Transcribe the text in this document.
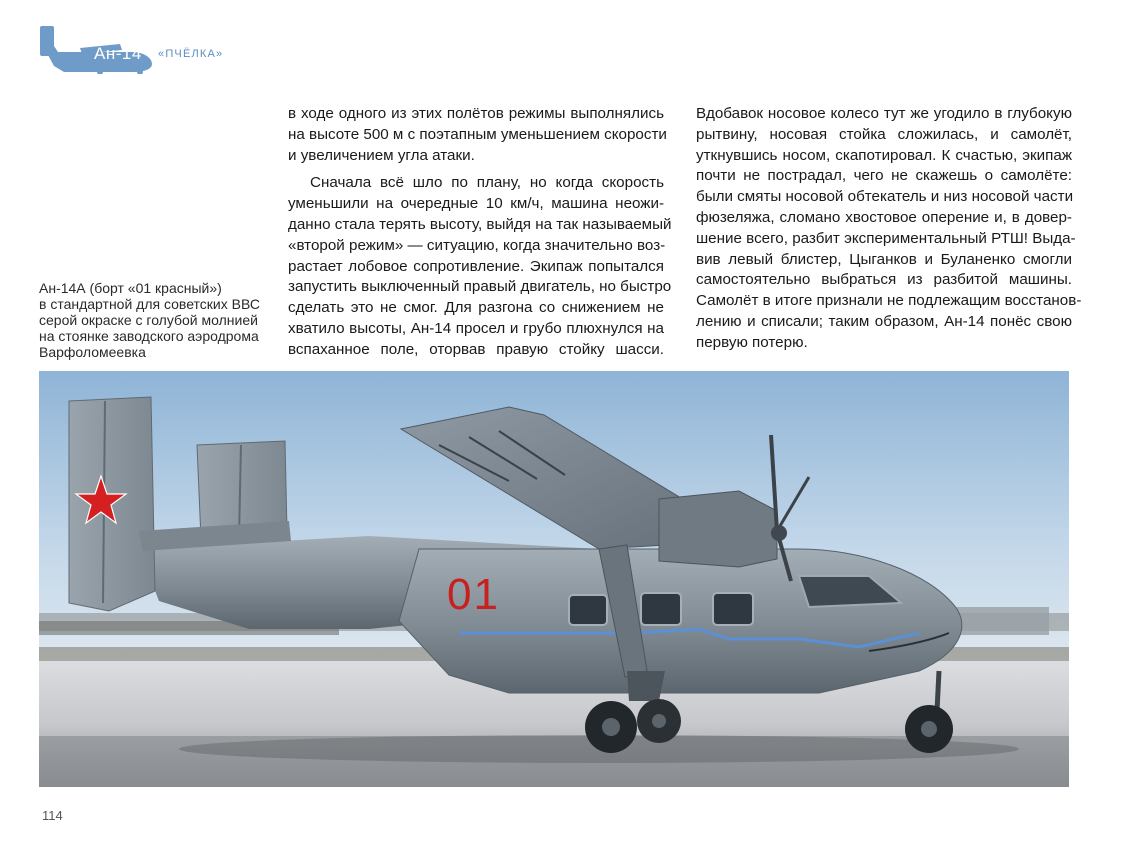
Ан-14 «ПЧЁЛКА»
Ан-14А (борт «01 красный»)
в стандартной для советских ВВС
серой окраске с голубой молнией
на стоянке заводского аэродрома
Варфоломеевка
в ходе одного из этих полётов режимы выполнялись
на высоте 500 м с поэтапным уменьшением скорости
и увеличением угла атаки.
Сначала всё шло по плану, но когда скорость
уменьшили на очередные 10 км/ч, машина неожи-
данно стала терять высоту, выйдя на так называемый
«второй режим» — ситуацию, когда значительно воз-
растает лобовое сопротивление. Экипаж попытался
запустить выключенный правый двигатель, но быстро
сделать это не смог. Для разгона со снижением не
хватило высоты, Ан-14 просел и грубо плюхнулся на
вспаханное поле, оторвав правую стойку шасси.
Вдобавок носовое колесо тут же угодило в глубокую
рытвину, носовая стойка сложилась, и самолёт,
уткнувшись носом, скапотировал. К счастью, экипаж
почти не пострадал, чего не скажешь о самолёте:
были смяты носовой обтекатель и низ носовой части
фюзеляжа, сломано хвостовое оперение и, в довер-
шение всего, разбит экспериментальный РТШ! Выда-
вив левый блистер, Цыганков и Буланенко смогли
самостоятельно выбраться из разбитой машины.
Самолёт в итоге признали не подлежащим восстанов-
лению и списали; таким образом, Ан-14 понёс свою
первую потерю.
01
114
